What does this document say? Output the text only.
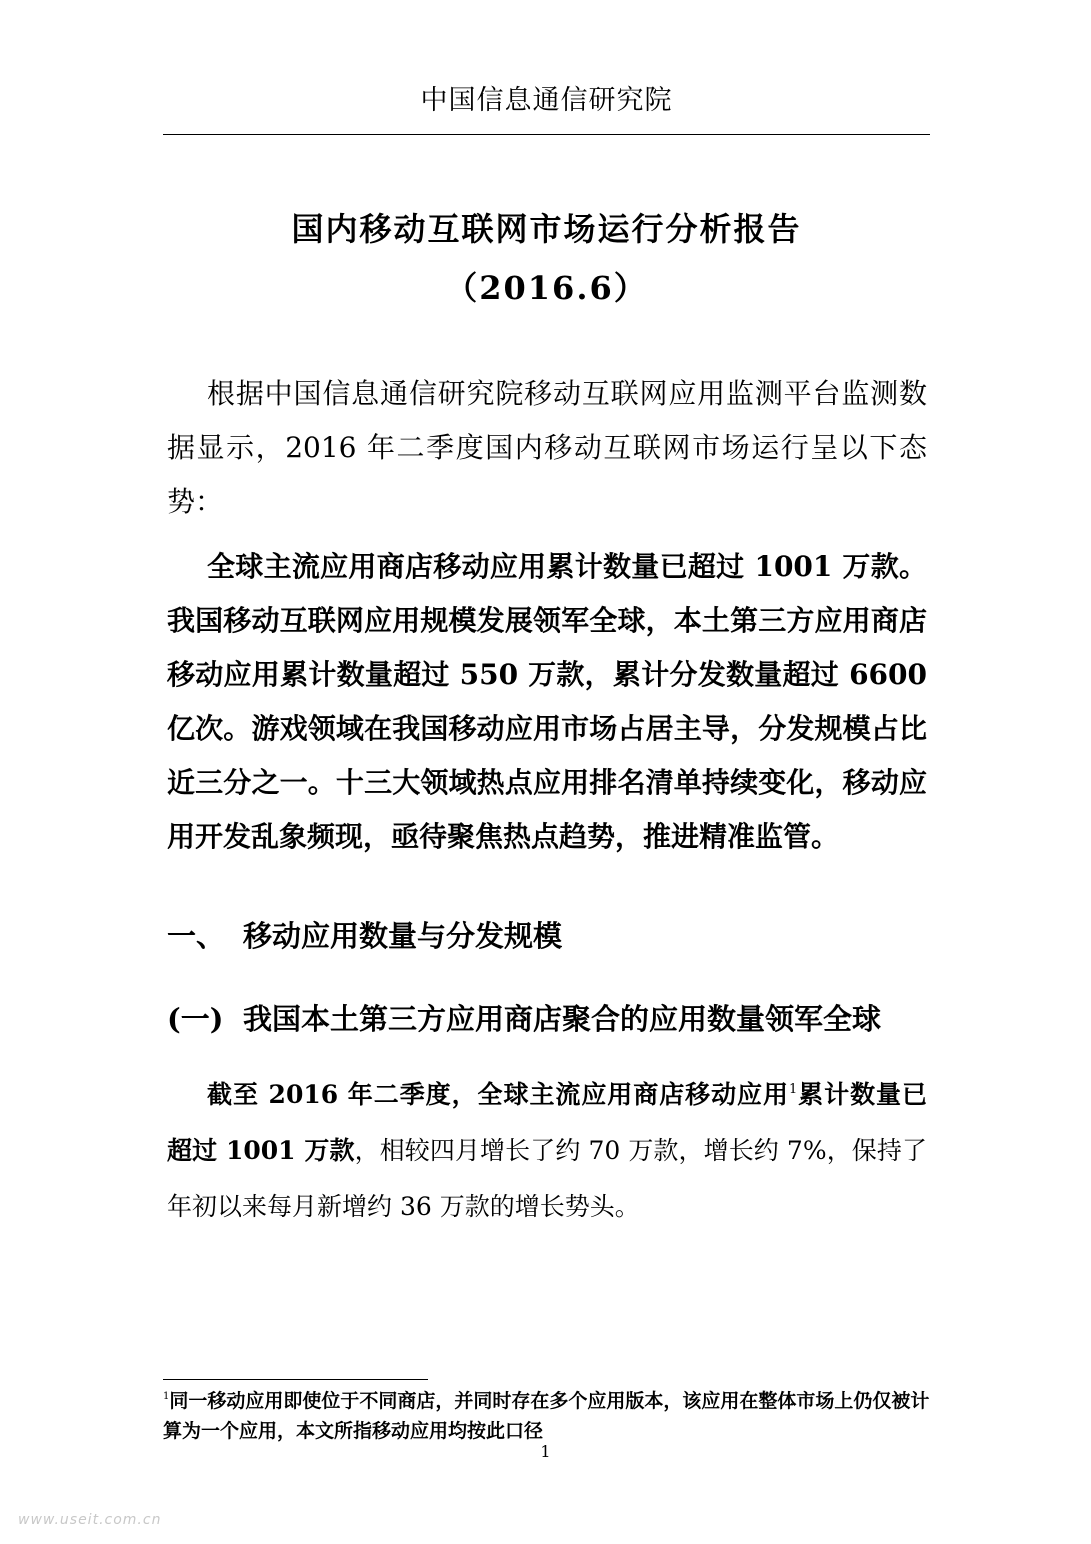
中国信息通信研究院
国内移动互联网市场运行分析报告
（2016.6）
根据中国信息通信研究院移动互联网应用监测平台监测数据显示，2016 年二季度国内移动互联网市场运行呈以下态势：
全球主流应用商店移动应用累计数量已超过 1001 万款。我国移动互联网应用规模发展领军全球，本土第三方应用商店移动应用累计数量超过 550 万款，累计分发数量超过 6600 亿次。游戏领域在我国移动应用市场占居主导，分发规模占比近三分之一。十三大领域热点应用排名清单持续变化，移动应用开发乱象频现，亟待聚焦热点趋势，推进精准监管。
一、 移动应用数量与分发规模
(一) 我国本土第三方应用商店聚合的应用数量领军全球
截至 2016 年二季度，全球主流应用商店移动应用$^1$累计数量已超过 1001 万款，相较四月增长了约 70 万款，增长约 7%，保持了年初以来每月新增约 36 万款的增长势头。
$^1$同一移动应用即使位于不同商店，并同时存在多个应用版本，该应用在整体市场上仍仅被计算为一个应用，本文所指移动应用均按此口径
1
www.useit.com.cn
